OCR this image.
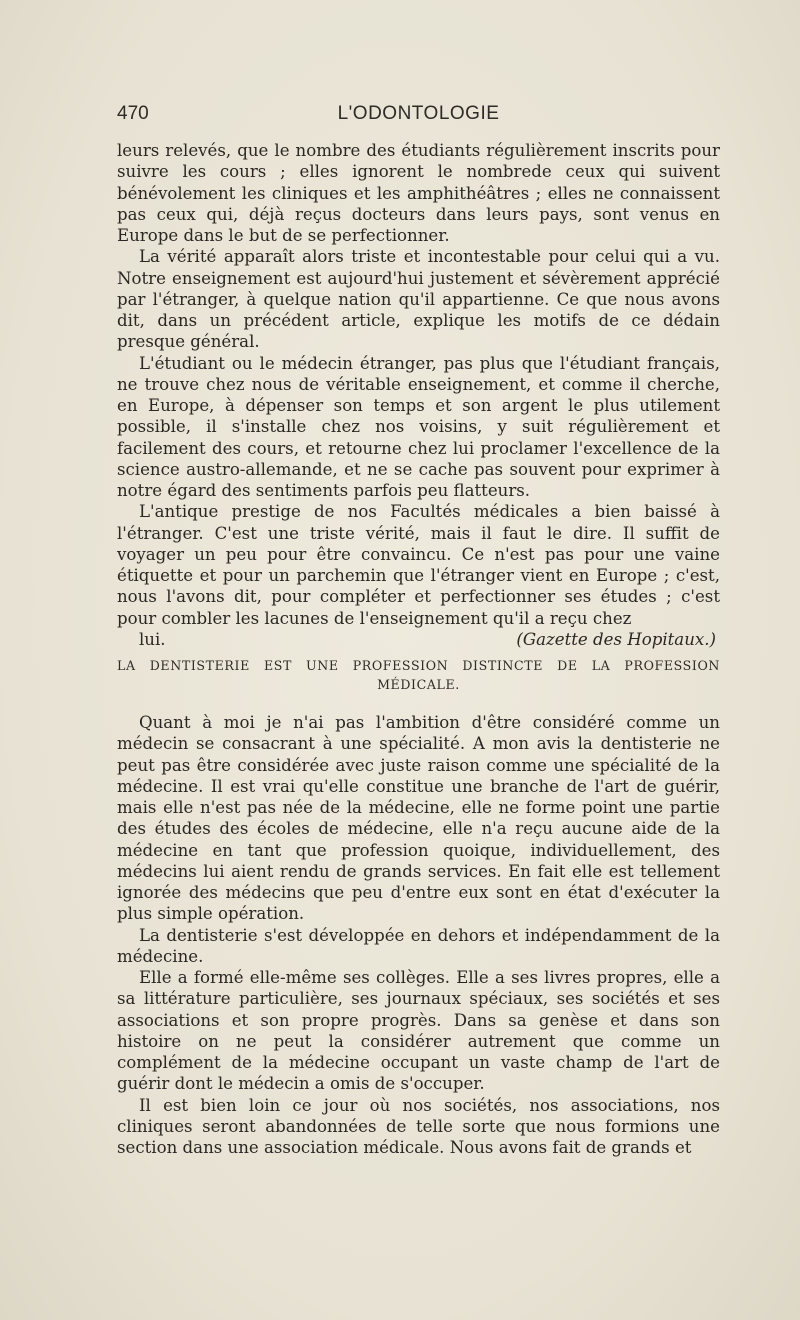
470	L'ODONTOLOGIE

leurs relevés, que le nombre des étudiants régulièrement inscrits pour suivre les cours ; elles ignorent le nombrede ceux qui suivent bénévolement les cliniques et les amphithéâtres ; elles ne connaissent pas ceux qui, déjà reçus docteurs dans leurs pays, sont venus en Europe dans le but de se perfectionner.

La vérité apparaît alors triste et incontestable pour celui qui a vu. Notre enseignement est aujourd'hui justement et sévèrement apprécié par l'étranger, à quelque nation qu'il appartienne. Ce que nous avons dit, dans un précédent article, explique les motifs de ce dédain presque général.

L'étudiant ou le médecin étranger, pas plus que l'étudiant français, ne trouve chez nous de véritable enseignement, et comme il cherche, en Europe, à dépenser son temps et son argent le plus utilement possible, il s'installe chez nos voisins, y suit régulièrement et facilement des cours, et retourne chez lui proclamer l'excellence de la science austro-allemande, et ne se cache pas souvent pour exprimer à notre égard des sentiments parfois peu flatteurs.

L'antique prestige de nos Facultés médicales a bien baissé à l'étranger. C'est une triste vérité, mais il faut le dire. Il suffit de voyager un peu pour être convaincu. Ce n'est pas pour une vaine étiquette et pour un parchemin que l'étranger vient en Europe ; c'est, nous l'avons dit, pour compléter et perfectionner ses études ; c'est pour combler les lacunes de l'enseignement qu'il a reçu chez

lui.	(Gazette des Hopitaux.)

LA DENTISTERIE EST UNE PROFESSION DISTINCTE DE LA PROFESSION
MÉDICALE.

Quant à moi je n'ai pas l'ambition d'être considéré comme un médecin se consacrant à une spécialité. A mon avis la dentisterie ne peut pas être considérée avec juste raison comme une spécialité de la médecine. Il est vrai qu'elle constitue une branche de l'art de guérir, mais elle n'est pas née de la médecine, elle ne forme point une partie des études des écoles de médecine, elle n'a reçu aucune aide de la médecine en tant que profession quoique, individuellement, des médecins lui aient rendu de grands services. En fait elle est tellement ignorée des médecins que peu d'entre eux sont en état d'exécuter la plus simple opération.

La dentisterie s'est développée en dehors et indépendamment de la médecine.

Elle a formé elle-même ses collèges. Elle a ses livres propres, elle a sa littérature particulière, ses journaux spéciaux, ses sociétés et ses associations et son propre progrès. Dans sa genèse et dans son histoire on ne peut la considérer autrement que comme un complément de la médecine occupant un vaste champ de l'art de guérir dont le médecin a omis de s'occuper.

Il est bien loin ce jour où nos sociétés, nos associations, nos cliniques seront abandonnées de telle sorte que nous formions une section dans une association médicale. Nous avons fait de grands et
